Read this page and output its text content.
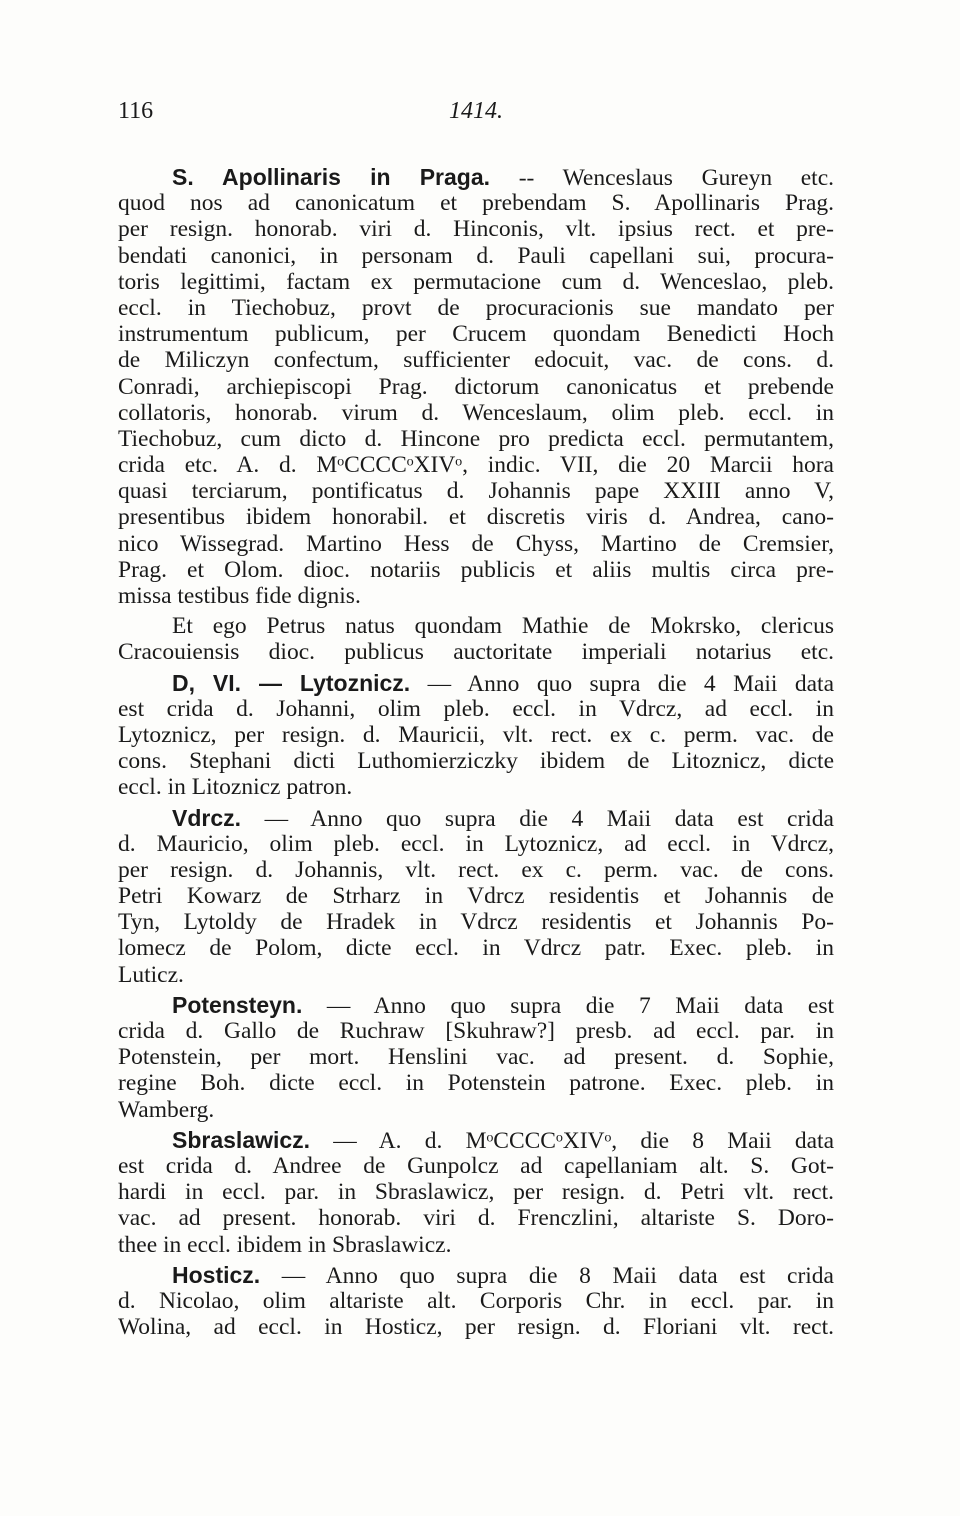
116	1414.
S. Apollinaris in Praga. -- Wenceslaus Gureyn etc.
quod nos ad canonicatum et prebendam S. Apollinaris Prag.
per resign. honorab. viri d. Hinconis, vlt. ipsius rect. et pre-
bendati canonici, in personam d. Pauli capellani sui, procura-
toris legittimi, factam ex permutacione cum d. Wenceslao, pleb.
eccl. in Tiechobuz, provt de procuracionis sue mandato per
instrumentum publicum, per Crucem quondam Benedicti Hoch
de Miliczyn confectum, sufficienter edocuit, vac. de cons. d.
Conradi, archiepiscopi Prag. dictorum canonicatus et prebende
collatoris, honorab. virum d. Wenceslaum, olim pleb. eccl. in
Tiechobuz, cum dicto d. Hincone pro predicta eccl. permutantem,
crida etc. A. d. MᵒCCCCᵒXIVᵒ, indic. VII, die 20 Marcii hora
quasi terciarum, pontificatus d. Johannis pape XXIII anno V,
presentibus ibidem honorabil. et discretis viris d. Andrea, cano-
nico Wissegrad. Martino Hess de Chyss, Martino de Cremsier,
Prag. et Olom. dioc. notariis publicis et aliis multis circa pre-
missa testibus fide dignis.
Et ego Petrus natus quondam Mathie de Mokrsko, clericus
Cracouiensis dioc. publicus auctoritate imperiali notarius etc.
D, VI. — Lytoznicz. — Anno quo supra die 4 Maii data
est crida d. Johanni, olim pleb. eccl. in Vdrcz, ad eccl. in
Lytoznicz, per resign. d. Mauricii, vlt. rect. ex c. perm. vac. de
cons. Stephani dicti Luthomierziczky ibidem de Litoznicz, dicte
eccl. in Litoznicz patron.
Vdrcz. — Anno quo supra die 4 Maii data est crida
d. Mauricio, olim pleb. eccl. in Lytoznicz, ad eccl. in Vdrcz,
per resign. d. Johannis, vlt. rect. ex c. perm. vac. de cons.
Petri Kowarz de Strharz in Vdrcz residentis et Johannis de
Tyn, Lytoldy de Hradek in Vdrcz residentis et Johannis Po-
lomecz de Polom, dicte eccl. in Vdrcz patr. Exec. pleb. in
Luticz.
Potensteyn. — Anno quo supra die 7 Maii data est
crida d. Gallo de Ruchraw [Skuhraw?] presb. ad eccl. par. in
Potenstein, per mort. Henslini vac. ad present. d. Sophie,
regine Boh. dicte eccl. in Potenstein patrone. Exec. pleb. in
Wamberg.
Sbraslawicz. — A. d. MᵒCCCCᵒXIVᵒ, die 8 Maii data
est crida d. Andree de Gunpolcz ad capellaniam alt. S. Got-
hardi in eccl. par. in Sbraslawicz, per resign. d. Petri vlt. rect.
vac. ad present. honorab. viri d. Frenczlini, altariste S. Doro-
thee in eccl. ibidem in Sbraslawicz.
Hosticz. — Anno quo supra die 8 Maii data est crida
d. Nicolao, olim altariste alt. Corporis Chr. in eccl. par. in
Wolina, ad eccl. in Hosticz, per resign. d. Floriani vlt. rect.
